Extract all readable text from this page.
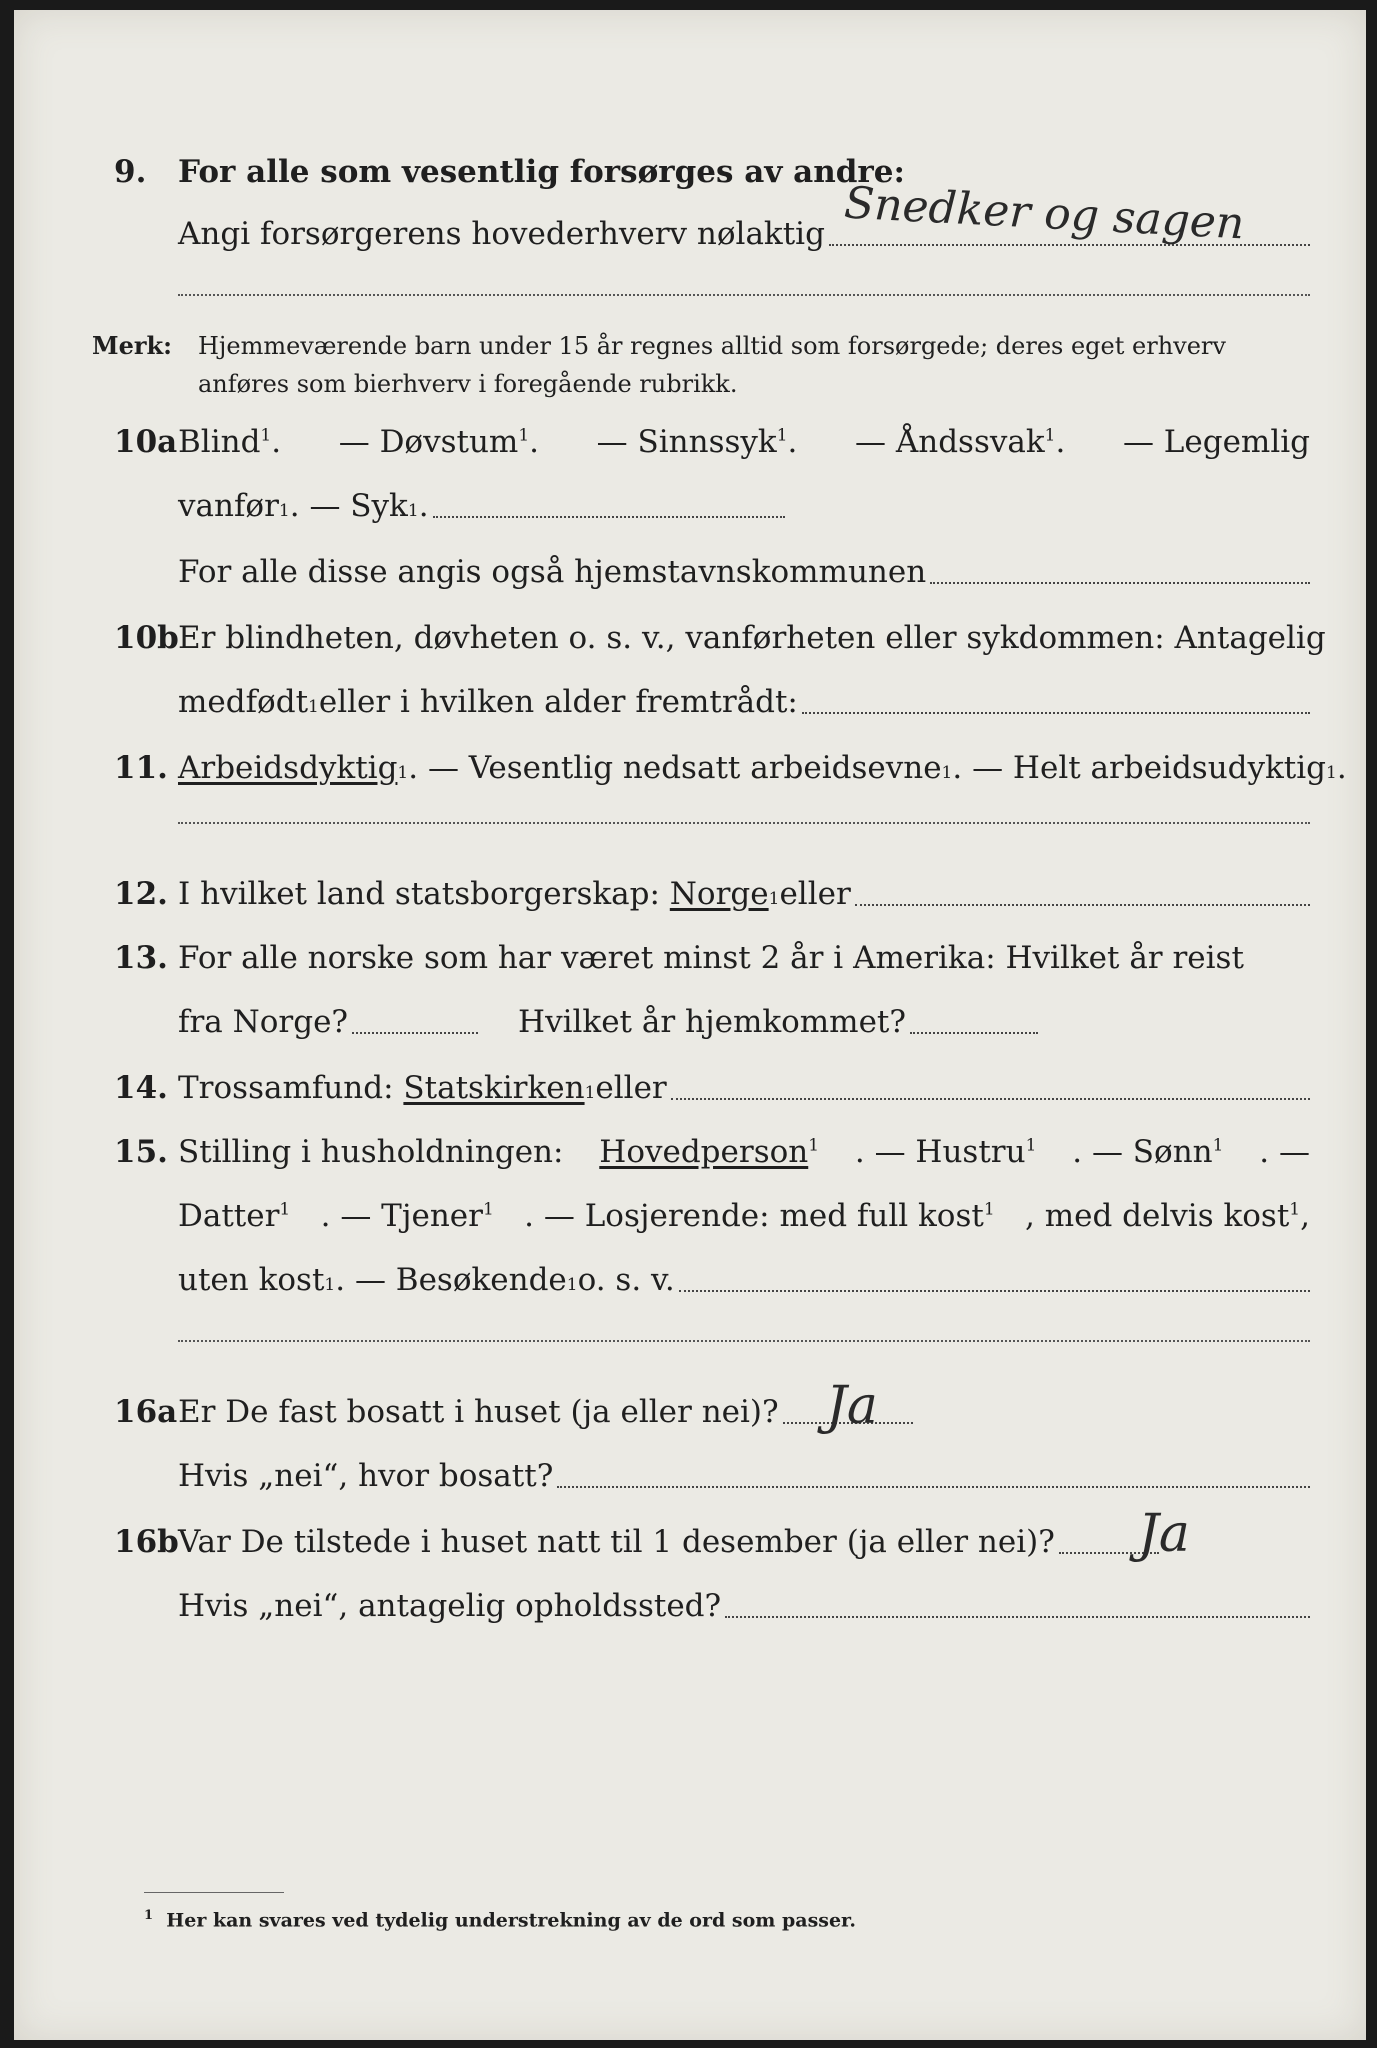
9. For alle som vesentlig forsørges av andre:
Angi forsørgerens hovederhverv nølaktig Snedker og sagen
Merk: Hjemmeværende barn under 15 år regnes alltid som forsørgede; deres eget erhverv
anføres som bierhverv i foregående rubrikk.
10a Blind$^1$. — Døvstum$^1$. — Sinnssyk$^1$. — Åndssvak$^1$. — Legemlig
vanfør 1 . — Syk 1 .
For alle disse angis også hjemstavnskommunen
10b Er blindheten, døvheten o. s. v., vanførheten eller sykdommen: Antagelig
medfødt 1 eller i hvilken alder fremtrådt:
11. Arbeidsdyktig 1 . — Vesentlig nedsatt arbeidsevne 1 . — Helt arbeidsudyktig 1 .
12. I hvilket land statsborgerskap:
Norge 1 eller
13. For alle norske som har været minst 2 år i Amerika: Hvilket år reist
fra Norge?	Hvilket år hjemkommet?
14. Trossamfund:
Statskirken 1 eller
15. Stilling i husholdningen: Hovedperson$^1$ . — Hustru$^1$ . — Sønn$^1$ . —
Datter$^1$ . — Tjener$^1$ . — Losjerende: med full kost$^1$ , med delvis kost$^1$,
uten kost 1 . — Besøkende 1 o. s. v.
16a Er De fast bosatt i huset (ja eller nei)? Ja
Hvis „nei“, hvor bosatt?
16b Var De tilstede i huset natt til 1 desember (ja eller nei)? Ja
Hvis „nei“, antagelig opholdssted?
$^1$ Her kan svares ved tydelig understrekning av de ord som passer.
